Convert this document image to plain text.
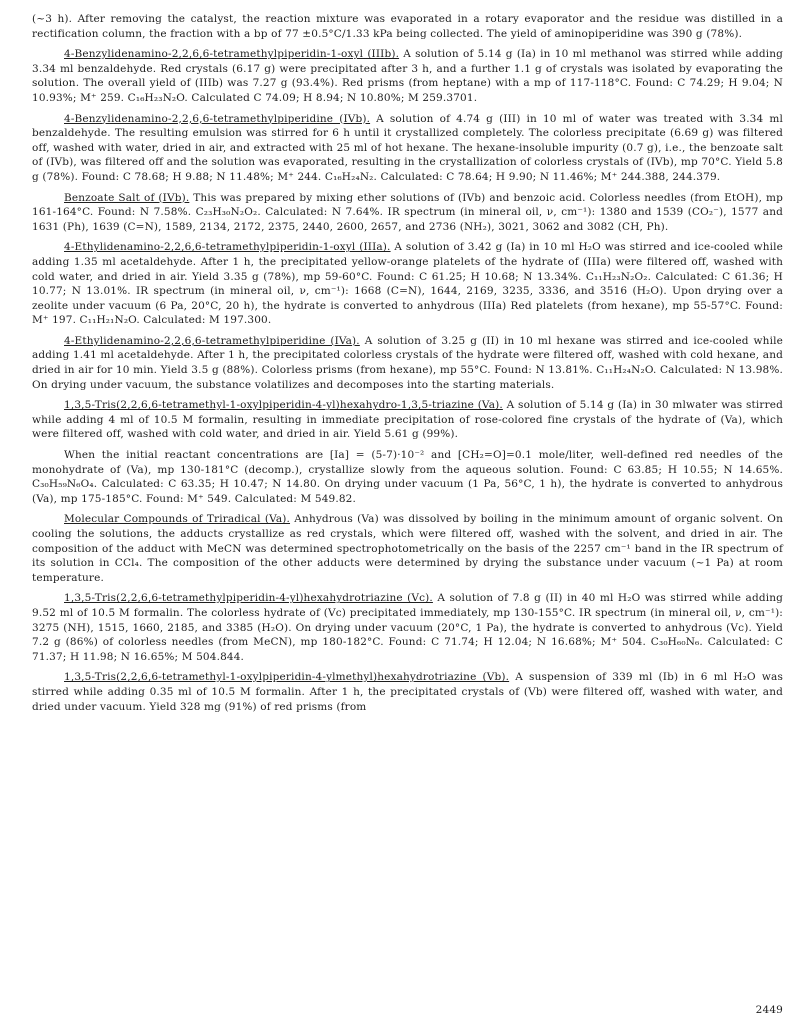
(~3 h). After removing the catalyst, the reaction mixture was evaporated in a rotary evaporator and the residue was distilled in a rectification column, the fraction with a bp of 77 ±0.5°C/1.33 kPa being collected. The yield of aminopiperidine was 390 g (78%).

4-Benzylidenamino-2,2,6,6-tetramethylpiperidin-1-oxyl (IIIb). A solution of 5.14 g (Ia) in 10 ml methanol was stirred while adding 3.34 ml benzaldehyde. Red crystals (6.17 g) were precipitated after 3 h, and a further 1.1 g of crystals was isolated by evaporating the solution. The overall yield of (IIIb) was 7.27 g (93.4%). Red prisms (from heptane) with a mp of 117-118°C. Found: C 74.29; H 9.04; N 10.93%; M⁺ 259. C₁₆H₂₃N₂O. Calculated C 74.09; H 8.94; N 10.80%; M 259.3701.

4-Benzylidenamino-2,2,6,6-tetramethylpiperidine (IVb). A solution of 4.74 g (III) in 10 ml of water was treated with 3.34 ml benzaldehyde. The resulting emulsion was stirred for 6 h until it crystallized completely. The colorless precipitate (6.69 g) was filtered off, washed with water, dried in air, and extracted with 25 ml of hot hexane. The hexane-insoluble impurity (0.7 g), i.e., the benzoate salt of (IVb), was filtered off and the solution was evaporated, resulting in the crystallization of colorless crystals of (IVb), mp 70°C. Yield 5.8 g (78%). Found: C 78.68; H 9.88; N 11.48%; M⁺ 244. C₁₆H₂₄N₂. Calculated: C 78.64; H 9.90; N 11.46%; M⁺ 244.388, 244.379.

Benzoate Salt of (IVb). This was prepared by mixing ether solutions of (IVb) and benzoic acid. Colorless needles (from EtOH), mp 161-164°C. Found: N 7.58%. C₂₃H₃₀N₂O₂. Calculated: N 7.64%. IR spectrum (in mineral oil, ν, cm⁻¹): 1380 and 1539 (CO₂⁻), 1577 and 1631 (Ph), 1639 (C=N), 1589, 2134, 2172, 2375, 2440, 2600, 2657, and 2736 (NH₂), 3021, 3062 and 3082 (CH, Ph).

4-Ethylidenamino-2,2,6,6-tetramethylpiperidin-1-oxyl (IIIa). A solution of 3.42 g (Ia) in 10 ml H₂O was stirred and ice-cooled while adding 1.35 ml acetaldehyde. After 1 h, the precipitated yellow-orange platelets of the hydrate of (IIIa) were filtered off, washed with cold water, and dried in air. Yield 3.35 g (78%), mp 59-60°C. Found: C 61.25; H 10.68; N 13.34%. C₁₁H₂₃N₂O₂. Calculated: C 61.36; H 10.77; N 13.01%. IR spectrum (in mineral oil, ν, cm⁻¹): 1668 (C=N), 1644, 2169, 3235, 3336, and 3516 (H₂O). Upon drying over a zeolite under vacuum (6 Pa, 20°C, 20 h), the hydrate is converted to anhydrous (IIIa) Red platelets (from hexane), mp 55-57°C. Found: M⁺ 197. C₁₁H₂₁N₂O. Calculated: M 197.300.

4-Ethylidenamino-2,2,6,6-tetramethylpiperidine (IVa). A solution of 3.25 g (II) in 10 ml hexane was stirred and ice-cooled while adding 1.41 ml acetaldehyde. After 1 h, the precipitated colorless crystals of the hydrate were filtered off, washed with cold hexane, and dried in air for 10 min. Yield 3.5 g (88%). Colorless prisms (from hexane), mp 55°C. Found: N 13.81%. C₁₁H₂₄N₂O. Calculated: N 13.98%. On drying under vacuum, the substance volatilizes and decomposes into the starting materials.

1,3,5-Tris(2,2,6,6-tetramethyl-1-oxylpiperidin-4-yl)hexahydro-1,3,5-triazine (Va). A solution of 5.14 g (Ia) in 30 mlwater was stirred while adding 4 ml of 10.5 M formalin, resulting in immediate precipitation of rose-colored fine crystals of the hydrate of (Va), which were filtered off, washed with cold water, and dried in air. Yield 5.61 g (99%).

When the initial reactant concentrations are [Ia] = (5-7)·10⁻² and [CH₂=O]=0.1 mole/liter, well-defined red needles of the monohydrate of (Va), mp 130-181°C (decomp.), crystallize slowly from the aqueous solution. Found: C 63.85; H 10.55; N 14.65%. C₃₀H₅₉N₆O₄. Calculated: C 63.35; H 10.47; N 14.80. On drying under vacuum (1 Pa, 56°C, 1 h), the hydrate is converted to anhydrous (Va), mp 175-185°C. Found: M⁺ 549. Calculated: M 549.82.

Molecular Compounds of Triradical (Va). Anhydrous (Va) was dissolved by boiling in the minimum amount of organic solvent. On cooling the solutions, the adducts crystallize as red crystals, which were filtered off, washed with the solvent, and dried in air. The composition of the adduct with MeCN was determined spectrophotometrically on the basis of the 2257 cm⁻¹ band in the IR spectrum of its solution in CCl₄. The composition of the other adducts were determined by drying the substance under vacuum (~1 Pa) at room temperature.

1,3,5-Tris(2,2,6,6-tetramethylpiperidin-4-yl)hexahydrotriazine (Vc). A solution of 7.8 g (II) in 40 ml H₂O was stirred while adding 9.52 ml of 10.5 M formalin. The colorless hydrate of (Vc) precipitated immediately, mp 130-155°C. IR spectrum (in mineral oil, ν, cm⁻¹): 3275 (NH), 1515, 1660, 2185, and 3385 (H₂O). On drying under vacuum (20°C, 1 Pa), the hydrate is converted to anhydrous (Vc). Yield 7.2 g (86%) of colorless needles (from MeCN), mp 180-182°C. Found: C 71.74; H 12.04; N 16.68%; M⁺ 504. C₃₀H₆₀N₆. Calculated: C 71.37; H 11.98; N 16.65%; M 504.844.

1,3,5-Tris(2,2,6,6-tetramethyl-1-oxylpiperidin-4-ylmethyl)hexahydrotriazine (Vb). A suspension of 339 ml (Ib) in 6 ml H₂O was stirred while adding 0.35 ml of 10.5 M formalin. After 1 h, the precipitated crystals of (Vb) were filtered off, washed with water, and dried under vacuum. Yield 328 mg (91%) of red prisms (from

2449
